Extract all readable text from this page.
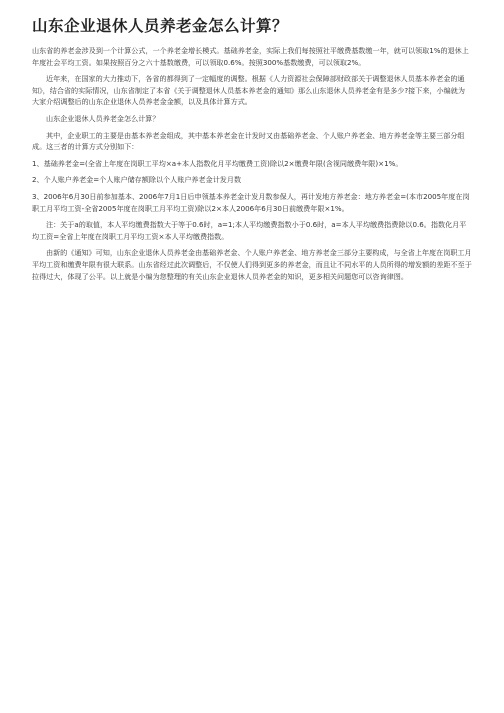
山东企业退休人员养老金怎么计算？

山东省的养老金涉及到一个计算公式，一个养老金增长模式。基础养老金，实际上我们每按照社平缴费基数缴一年，就可以领取1%的退休上年度社会平均工资。如果按照百分之六十基数缴费，可以领取0.6%。按照300%基数缴费，可以领取2%。

近年来，在国家的大力推动下，各省的都得到了一定幅度的调整。根据《人力资源社会保障部财政部关于调整退休人员基本养老金的通知》，结合省的实际情况，山东省制定了本省《关于调整退休人员基本养老金的通知》那么山东退休人员养老金有是多少?接下来，小编就为大家介绍调整后的山东企业退休人员养老金金额，以及具体计算方式。

山东企业退休人员养老金怎么计算？

其中，企业职工的主要是由基本养老金组成，其中基本养老金在计发时又由基础养老金、个人账户养老金、地方养老金等主要三部分组成。这三者的计算方式分别如下：

1、基础养老金=(全省上年度在岗职工平均×a+本人指数化月平均缴费工资)除以2×缴费年限(含视同缴费年限)×1%。

2、个人账户养老金=个人账户储存额除以个人账户养老金计发月数

3、2006年6月30日前参加基本、2006年7月1日后申领基本养老金计发月数参保人，再计发地方养老金：地方养老金=(本市2005年度在岗职工月平均工资-全省2005年度在岗职工月平均工资)除以2×本人2006年6月30日前缴费年限×1%。

注：关于a的取值，本人平均缴费指数大于等于0.6时，a=1;本人平均缴费指数小于0.6时，a=本人平均缴费指费除以0.6。指数化月平均工资=全省上年度在岗职工月平均工资×本人平均缴费指数。

由新的《通知》可知，山东企业退休人员养老金由基础养老金、个人账户养老金、地方养老金三部分主要构成，与全省上年度在岗职工月平均工资和缴费年限有很大联系。山东省经过此次调整后，不仅使人们得到更多的养老金，而且让不同水平的人员所得的增发额的差距不至于拉得过大，体现了公平。以上就是小编为您整理的有关山东企业退休人员养老金的知识，更多相关问题您可以咨询律图。
